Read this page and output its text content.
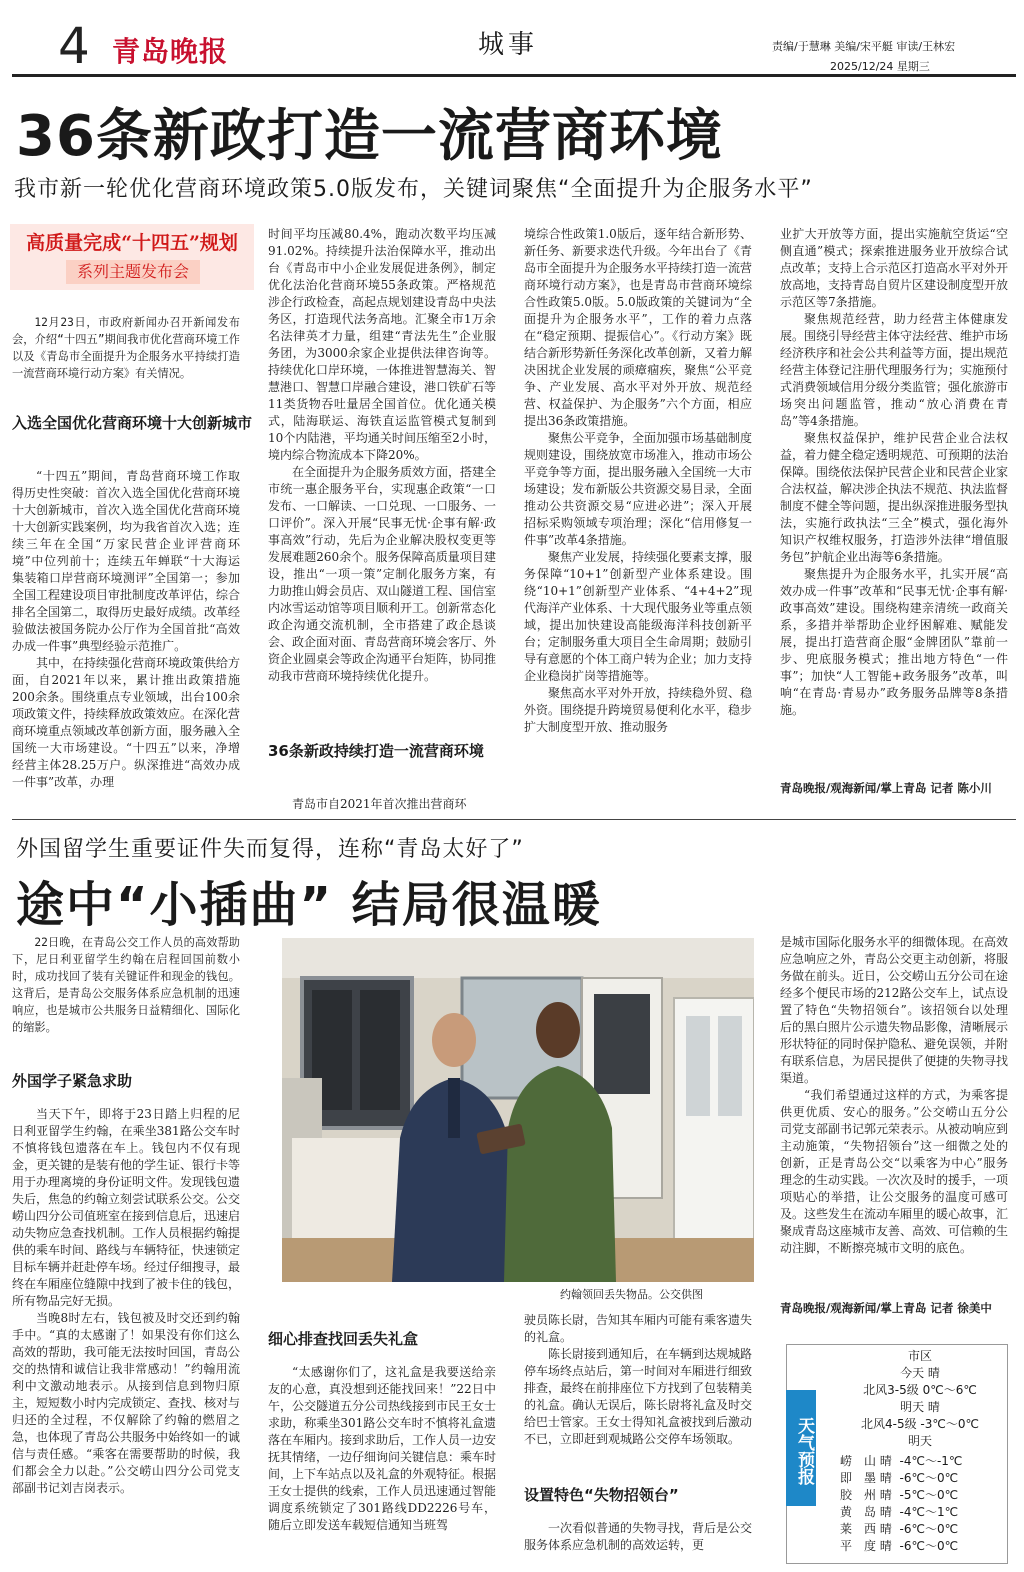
4 青岛晚报	城事	责编/于慧琳 美编/宋平艇 审读/王林宏
2025/12/24 星期三
36条新政打造一流营商环境
我市新一轮优化营商环境政策5.0版发布，关键词聚焦“全面提升为企服务水平”
高质量完成“十四五”规划
系列主题发布会

12月23日，市政府新闻办召开新闻发布会，介绍“十四五”期间我市优化营商环境工作以及《青岛市全面提升为企服务水平持续打造一流营商环境行动方案》有关情况。

入选全国优化营商环境十大创新城市

“十四五”期间，青岛营商环境工作取得历史性突破：首次入选全国优化营商环境十大创新城市，首次入选全国优化营商环境十大创新实践案例，均为我省首次入选；连续三年在全国“万家民营企业评营商环境”中位列前十；连续五年蝉联“十大海运集装箱口岸营商环境测评”全国第一；参加全国工程建设项目审批制度改革评估，综合排名全国第二，取得历史最好成绩。改革经验做法被国务院办公厅作为全国首批“高效办成一件事”典型经验示范推广。

其中，在持续强化营商环境政策供给方面，自2021年以来，累计推出政策措施200余条。围绕重点专业领域，出台100余项政策文件，持续释放政策效应。在深化营商环境重点领域改革创新方面，服务融入全国统一大市场建设。“十四五”以来，净增经营主体28.25万户。纵深推进“高效办成一件事”改革，办理

时间平均压减80.4%，跑动次数平均压减91.02%。持续提升法治保障水平，推动出台《青岛市中小企业发展促进条例》，制定优化法治化营商环境55条政策。严格规范涉企行政检查，高起点规划建设青岛中央法务区，打造现代法务高地。汇聚全市1万余名法律英才力量，组建“青法先生”企业服务团，为3000余家企业提供法律咨询等。持续优化口岸环境，一体推进智慧海关、智慧港口、智慧口岸融合建设，港口铁矿石等11类货物吞吐量居全国首位。优化通关模式，陆海联运、海铁直运监管模式复制到10个内陆港，平均通关时间压缩至2小时，境内综合物流成本下降20%。

在全面提升为企服务质效方面，搭建全市统一惠企服务平台，实现惠企政策“一口发布、一口解读、一口兑现、一口服务、一口评价”。深入开展“民事无忧·企事有解·政事高效”行动，先后为企业解决股权变更等发展难题260余个。服务保障高质量项目建设，推出“一项一策”定制化服务方案，有力助推山姆会员店、双山隧道工程、国信室内冰雪运动馆等项目顺利开工。创新常态化政企沟通交流机制，全市搭建了政企恳谈会、政企面对面、青岛营商环境会客厅、外资企业圆桌会等政企沟通平台矩阵，协同推动我市营商环境持续优化提升。

36条新政持续打造一流营商环境

青岛市自2021年首次推出营商环

境综合性政策1.0版后，逐年结合新形势、新任务、新要求迭代升级。今年出台了《青岛市全面提升为企服务水平持续打造一流营商环境行动方案》，也是青岛市营商环境综合性政策5.0版。5.0版政策的关键词为“全面提升为企服务水平”，工作的着力点落在“稳定预期、提振信心”。《行动方案》既结合新形势新任务深化改革创新，又着力解决困扰企业发展的顽瘴痼疾，聚焦“公平竞争、产业发展、高水平对外开放、规范经营、权益保护、为企服务”六个方面，相应提出36条政策措施。

聚焦公平竞争，全面加强市场基础制度规则建设，围绕放宽市场准入，推动市场公平竞争等方面，提出服务融入全国统一大市场建设；发布新版公共资源交易目录，全面推动公共资源交易“应进必进”；深入开展招标采购领域专项治理；深化“信用修复一件事”改革4条措施。

聚焦产业发展，持续强化要素支撑，服务保障“10+1”创新型产业体系建设。围绕“10+1”创新型产业体系、“4+4+2”现代海洋产业体系、十大现代服务业等重点领域，提出加快建设高能级海洋科技创新平台；定制服务重大项目全生命周期；鼓励引导有意愿的个体工商户转为企业；加力支持企业稳岗扩岗等措施等。

聚焦高水平对外开放，持续稳外贸、稳外资。围绕提升跨境贸易便利化水平，稳步扩大制度型开放、推动服务

业扩大开放等方面，提出实施航空货运“空侧直通”模式；探索推进服务业开放综合试点改革；支持上合示范区打造高水平对外开放高地，支持青岛自贸片区建设制度型开放示范区等7条措施。

聚焦规范经营，助力经营主体健康发展。围绕引导经营主体守法经营、维护市场经济秩序和社会公共利益等方面，提出规范经营主体登记注册代理服务行为；实施预付式消费领域信用分级分类监管；强化旅游市场突出问题监管，推动“放心消费在青岛”等4条措施。

聚焦权益保护，维护民营企业合法权益，着力健全稳定透明规范、可预期的法治保障。围绕依法保护民营企业和民营企业家合法权益，解决涉企执法不规范、执法监督制度不健全等问题，提出纵深推进服务型执法，实施行政执法“三全”模式，强化海外知识产权维权服务，打造涉外法律“增值服务包”护航企业出海等6条措施。

聚焦提升为企服务水平，扎实开展“高效办成一件事”改革和“民事无忧·企事有解·政事高效”建设。围绕构建亲清统一政商关系，多措并举帮助企业纾困解难、赋能发展，提出打造营商企服“金牌团队”靠前一步、兜底服务模式；推出地方特色“一件事”；加快“人工智能+政务服务”改革，叫响“在青岛·青易办”政务服务品牌等8条措施。

青岛晚报/观海新闻/掌上青岛 记者 陈小川
外国留学生重要证件失而复得，连称“青岛太好了”
途中“小插曲” 结局很温暖

22日晚，在青岛公交工作人员的高效帮助下，尼日利亚留学生约翰在启程回国前数小时，成功找回了装有关键证件和现金的钱包。这背后，是青岛公交服务体系应急机制的迅速响应，也是城市公共服务日益精细化、国际化的缩影。

外国学子紧急求助

当天下午，即将于23日踏上归程的尼日利亚留学生约翰，在乘坐381路公交车时不慎将钱包遗落在车上。钱包内不仅有现金，更关键的是装有他的学生证、银行卡等用于办理离境的身份证明文件。发现钱包遗失后，焦急的约翰立刻尝试联系公交。公交崂山四分公司值班室在接到信息后，迅速启动失物应急查找机制。工作人员根据约翰提供的乘车时间、路线与车辆特征，快速锁定目标车辆并赶赴停车场。经过仔细搜寻，最终在车厢座位缝隙中找到了被卡住的钱包，所有物品完好无损。

当晚8时左右，钱包被及时交还到约翰手中。“真的太感谢了！如果没有你们这么高效的帮助，我可能无法按时回国，青岛公交的热情和诚信让我非常感动！”约翰用流利中文激动地表示。从接到信息到物归原主，短短数小时内完成锁定、查找、核对与归还的全过程，不仅解除了约翰的燃眉之急，也体现了青岛公共服务中始终如一的诚信与责任感。“乘客在需要帮助的时候，我们都会全力以赴。”公交崂山四分公司党支部副书记刘吉岗表示。

约翰领回丢失物品。公交供图
细心排查找回丢失礼盒

“太感谢你们了，这礼盒是我要送给亲友的心意，真没想到还能找回来！”22日中午，公交隧道五分公司热线接到市民王女士求助，称乘坐301路公交车时不慎将礼盒遗落在车厢内。接到求助后，工作人员一边安抚其情绪，一边仔细询问关键信息：乘车时间，上下车站点以及礼盒的外观特征。根据王女士提供的线索，工作人员迅速通过智能调度系统锁定了301路线DD2226号车，随后立即发送车载短信通知当班驾

驶员陈长尉，告知其车厢内可能有乘客遗失的礼盒。

陈长尉接到通知后，在车辆到达规城路停车场终点站后，第一时间对车厢进行细致排查，最终在前排座位下方找到了包装精美的礼盒。确认无误后，陈长尉将礼盒及时交给巴士管家。王女士得知礼盒被找到后激动不已，立即赶到观城路公交停车场领取。

设置特色“失物招领台”

一次看似普通的失物寻找，背后是公交服务体系应急机制的高效运转，更

是城市国际化服务水平的细微体现。在高效应急响应之外，青岛公交更主动创新，将服务做在前头。近日，公交崂山五分公司在途经多个便民市场的212路公交车上，试点设置了特色“失物招领台”。该招领台以处理后的黑白照片公示遗失物品影像，清晰展示形状特征的同时保护隐私、避免误领，并附有联系信息，为居民提供了便捷的失物寻找渠道。

“我们希望通过这样的方式，为乘客提供更优质、安心的服务。”公交崂山五分公司党支部副书记郭元荣表示。从被动响应到主动施策，“失物招领台”这一细微之处的创新，正是青岛公交“以乘客为中心”服务理念的生动实践。一次次及时的援手，一项项贴心的举措，让公交服务的温度可感可及。这些发生在流动车厢里的暖心故事，汇聚成青岛这座城市友善、高效、可信赖的生动注脚，不断擦亮城市文明的底色。

青岛晚报/观海新闻/掌上青岛 记者 徐美中
天气预报
市区
今天 晴
北风3-5级 0℃～6℃
明天 晴
北风4-5级 -3℃～0℃
明天
崂　山 晴 -4℃～-1℃
即　墨 晴 -6℃～0℃
胶　州 晴 -5℃～0℃
黄　岛 晴 -4℃～1℃
莱　西 晴 -6℃～0℃
平　度 晴 -6℃～0℃
